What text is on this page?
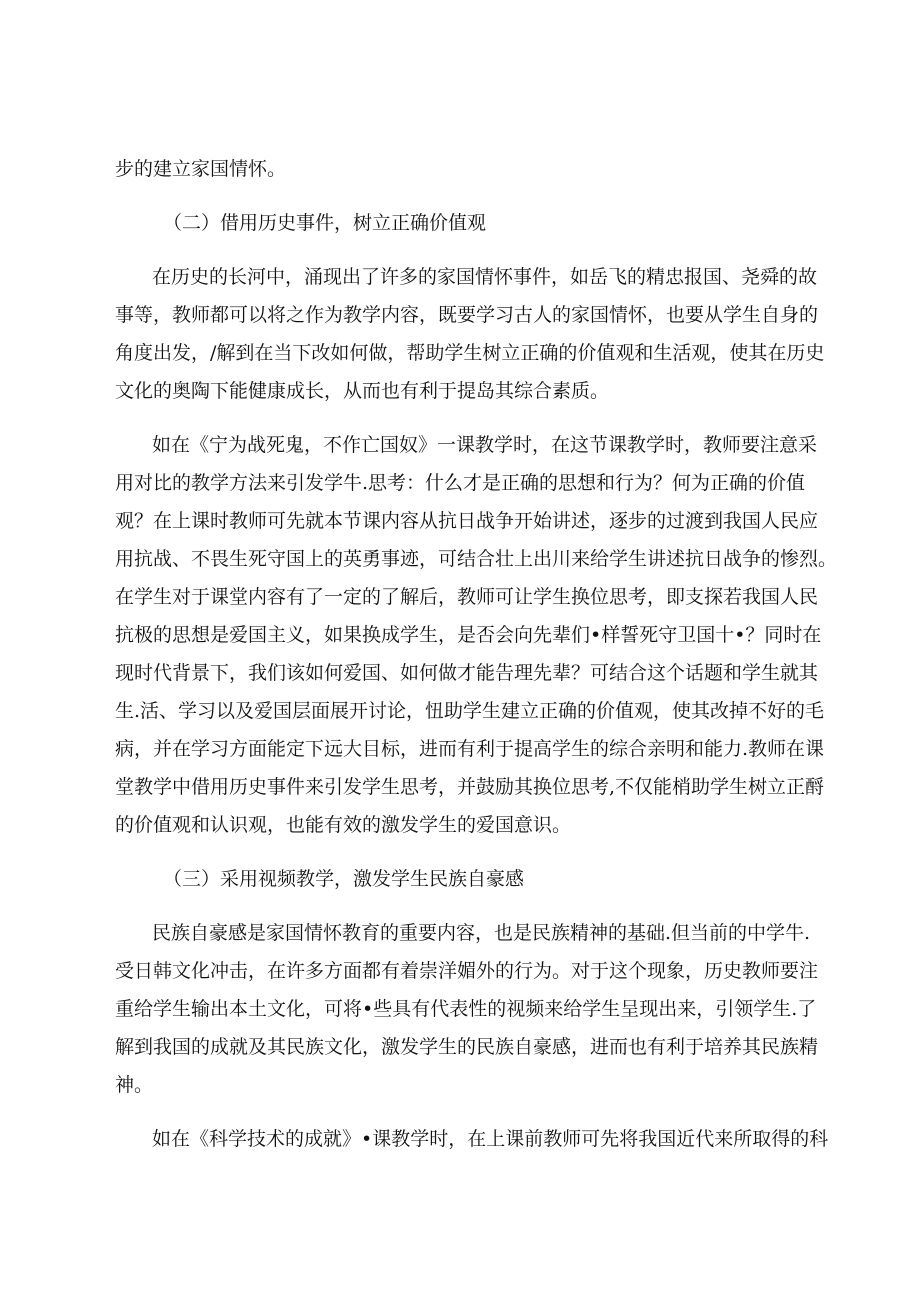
步的建立家国情怀。
（二）借用历史事件，树立正确价值观
在历史的长河中，涌现出了许多的家国情怀事件，如岳飞的精忠报国、尧舜的故
事等，教师都可以将之作为教学内容，既要学习古人的家国情怀，也要从学生自身的
角度出发，/解到在当下改如何做，帮助学生树立正确的价值观和生活观，使其在历史
文化的奥陶下能健康成长，从而也有利于提岛其综合素质。
如在《宁为战死鬼，不作亡国奴》一课教学时，在这节课教学时，教师要注意采
用对比的教学方法来引发学牛.思考：什么才是正确的思想和行为？何为正确的价值
观？在上课时教师可先就本节课内容从抗日战争开始讲述，逐步的过渡到我国人民应
用抗战、不畏生死守国上的英勇事迹，可结合壮上出川来给学生讲述抗日战争的惨烈。
在学生对于课堂内容有了一定的了解后，教师可让学生换位思考，即支探若我国人民
抗极的思想是爱国主义，如果换成学生，是否会向先辈们•样誓死守卫国十•？同时在
现时代背景下，我们该如何爱国、如何做才能告理先辈？可结合这个话题和学生就其
生.活、学习以及爱国层面展开讨论，忸助学生建立正确的价值观，使其改掉不好的毛
病，并在学习方面能定下远大目标，进而有利于提高学生的综合亲明和能力.教师在课
堂教学中借用历史事件来引发学生思考，并鼓励其换位思考,不仅能梢助学生树立正酹
的价值观和认识观，也能有效的激发学生的爱国意识。
（三）采用视频教学，激发学生民族自豪感
民族自豪感是家国情怀教育的重要内容，也是民族精神的基础.但当前的中学牛.
受日韩文化冲击，在许多方面都有着崇洋媚外的行为。对于这个现象，历史教师要注
重给学生输出本土文化，可将•些具有代表性的视频来给学生呈现出来，引领学生.了
解到我国的成就及其民族文化，激发学生的民族自豪感，进而也有利于培养其民族精
神。
如在《科学技术的成就》•课教学时，在上课前教师可先将我国近代来所取得的科
